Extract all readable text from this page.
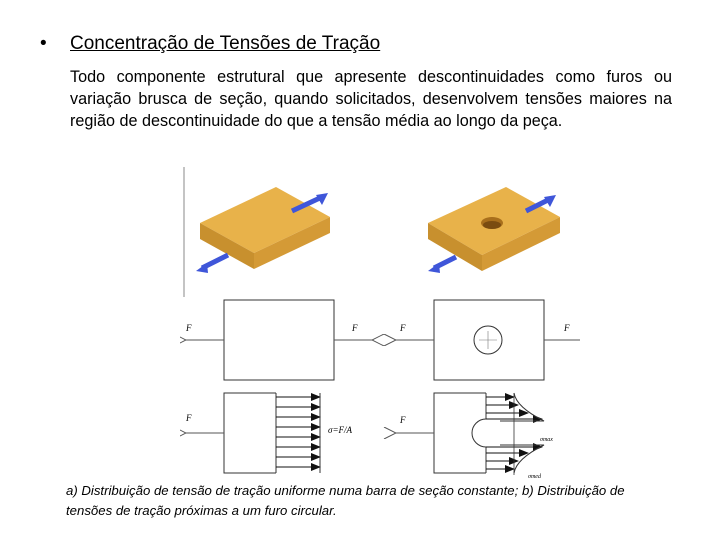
• Concentração de Tensões de Tração
Todo componente estrutural que apresente descontinuidades como furos ou variação brusca de seção, quando solicitados, desenvolvem tensões maiores na região de descontinuidade do que a tensão média ao longo da peça.
F	F	F	F
F
σ=F/A
F
σmax
σmed
a) Distribuição de tensão de tração uniforme numa barra de seção constante; b) Distribuição de tensões de tração próximas a um furo circular.
